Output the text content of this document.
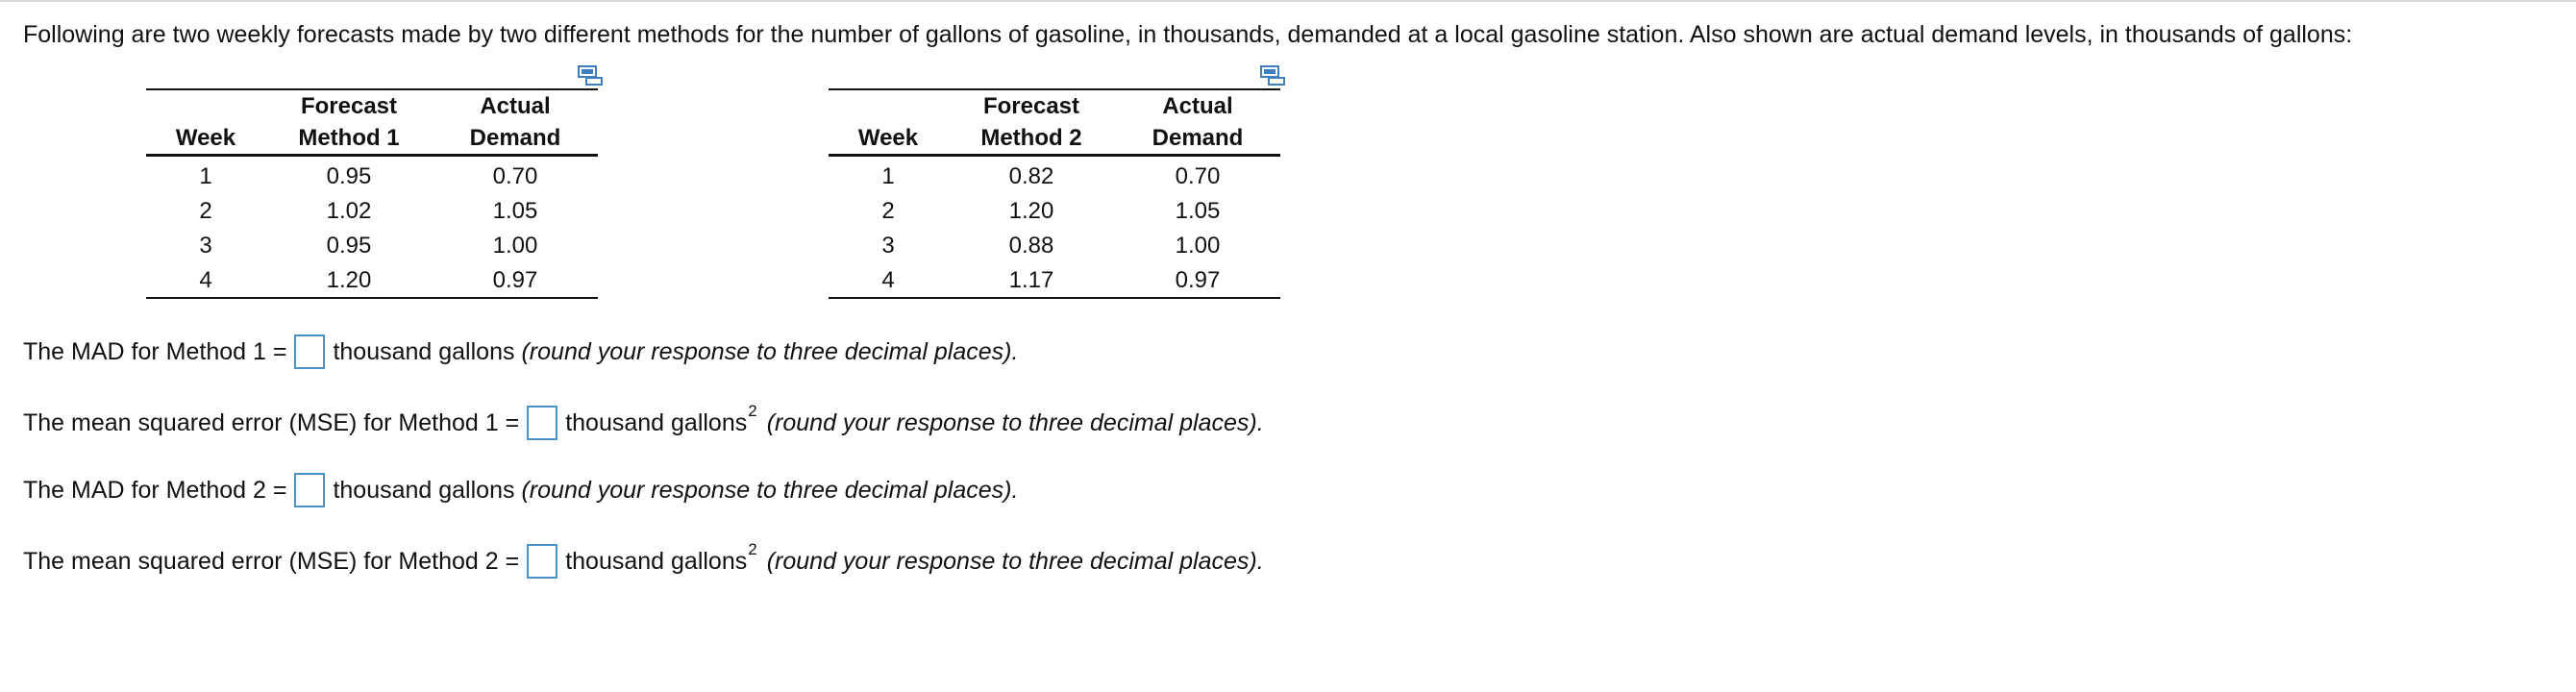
Following are two weekly forecasts made by two different methods for the number of gallons of gasoline, in thousands, demanded at a local gasoline station. Also shown are actual demand levels, in thousands of gallons:
	Forecast	Actual
Week	Method 1	Demand
1	0.95	0.70
2	1.02	1.05
3	0.95	1.00
4	1.20	0.97
	Forecast	Actual
Week	Method 2	Demand
1	0.82	0.70
2	1.20	1.05
3	0.88	1.00
4	1.17	0.97
The MAD for Method 1 = thousand gallons (round your response to three decimal places).
The mean squared error (MSE) for Method 1 = thousand gallons$^2$ (round your response to three decimal places).
The MAD for Method 2 = thousand gallons (round your response to three decimal places).
The mean squared error (MSE) for Method 2 = thousand gallons$^2$ (round your response to three decimal places).
